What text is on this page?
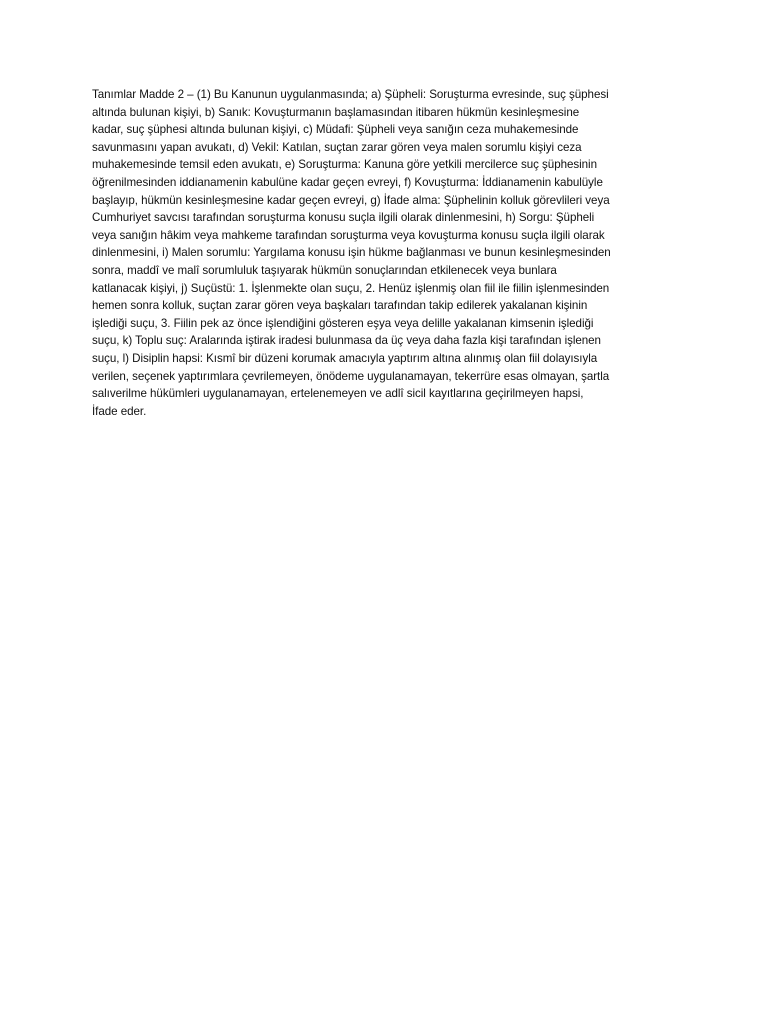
Tanımlar Madde 2 – (1) Bu Kanunun uygulanmasında; a) Şüpheli: Soruşturma evresinde, suç şüphesi
altında bulunan kişiyi, b) Sanık: Kovuşturmanın başlamasından itibaren hükmün kesinleşmesine
kadar, suç şüphesi altında bulunan kişiyi, c) Müdafi: Şüpheli veya sanığın ceza muhakemesinde
savunmasını yapan avukatı, d) Vekil: Katılan, suçtan zarar gören veya malen sorumlu kişiyi ceza
muhakemesinde temsil eden avukatı, e) Soruşturma: Kanuna göre yetkili mercilerce suç şüphesinin
öğrenilmesinden iddianamenin kabulüne kadar geçen evreyi, f) Kovuşturma: İddianamenin kabulüyle
başlayıp, hükmün kesinleşmesine kadar geçen evreyi, g) İfade alma: Şüphelinin kolluk görevlileri veya
Cumhuriyet savcısı tarafından soruşturma konusu suçla ilgili olarak dinlenmesini, h) Sorgu: Şüpheli
veya sanığın hâkim veya mahkeme tarafından soruşturma veya kovuşturma konusu suçla ilgili olarak
dinlenmesini, i) Malen sorumlu: Yargılama konusu işin hükme bağlanması ve bunun kesinleşmesinden
sonra, maddî ve malî sorumluluk taşıyarak hükmün sonuçlarından etkilenecek veya bunlara
katlanacak kişiyi, j) Suçüstü: 1. İşlenmekte olan suçu, 2. Henüz işlenmiş olan fiil ile fiilin işlenmesinden
hemen sonra kolluk, suçtan zarar gören veya başkaları tarafından takip edilerek yakalanan kişinin
işlediği suçu, 3. Fiilin pek az önce işlendiğini gösteren eşya veya delille yakalanan kimsenin işlediği
suçu, k) Toplu suç: Aralarında iştirak iradesi bulunmasa da üç veya daha fazla kişi tarafından işlenen
suçu, l) Disiplin hapsi: Kısmî bir düzeni korumak amacıyla yaptırım altına alınmış olan fiil dolayısıyla
verilen, seçenek yaptırımlara çevrilemeyen, önödeme uygulanamayan, tekerrüre esas olmayan, şartla
salıverilme hükümleri uygulanamayan, ertelenemeyen ve adlî sicil kayıtlarına geçirilmeyen hapsi,
İfade eder.
